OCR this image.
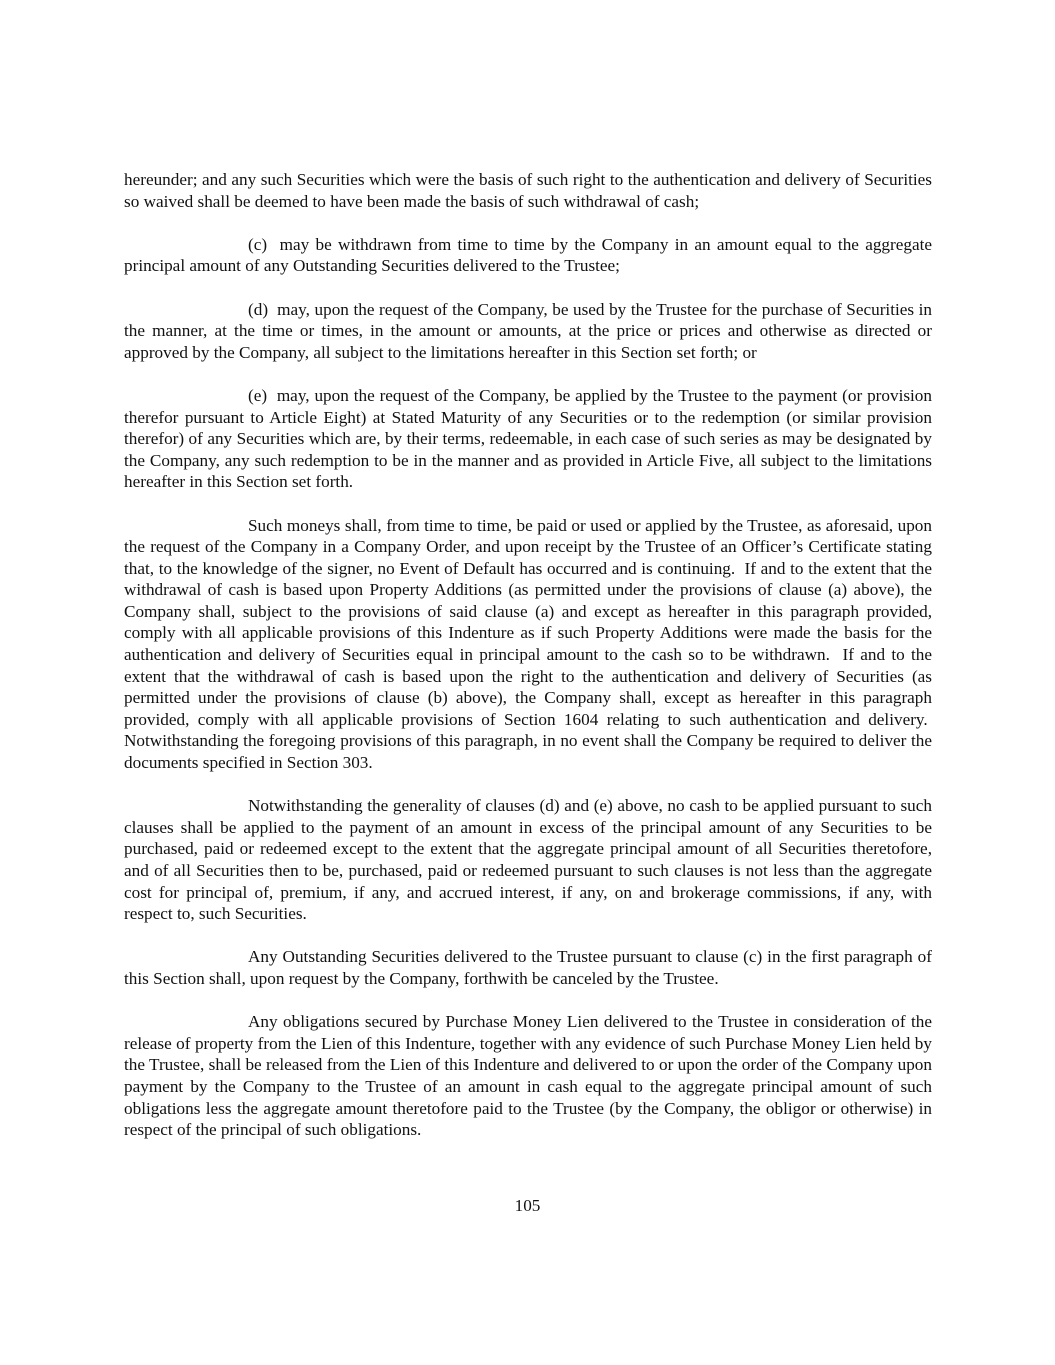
hereunder; and any such Securities which were the basis of such right to the authentication and delivery of Securities so waived shall be deemed to have been made the basis of such withdrawal of cash;

(c)  may be withdrawn from time to time by the Company in an amount equal to the aggregate principal amount of any Outstanding Securities delivered to the Trustee;

(d)  may, upon the request of the Company, be used by the Trustee for the purchase of Securities in the manner, at the time or times, in the amount or amounts, at the price or prices and otherwise as directed or approved by the Company, all subject to the limitations hereafter in this Section set forth; or

(e)  may, upon the request of the Company, be applied by the Trustee to the payment (or provision therefor pursuant to Article Eight) at Stated Maturity of any Securities or to the redemption (or similar provision therefor) of any Securities which are, by their terms, redeemable, in each case of such series as may be designated by the Company, any such redemption to be in the manner and as provided in Article Five, all subject to the limitations hereafter in this Section set forth.

Such moneys shall, from time to time, be paid or used or applied by the Trustee, as aforesaid, upon the request of the Company in a Company Order, and upon receipt by the Trustee of an Officer’s Certificate stating that, to the knowledge of the signer, no Event of Default has occurred and is continuing.  If and to the extent that the withdrawal of cash is based upon Property Additions (as permitted under the provisions of clause (a) above), the Company shall, subject to the provisions of said clause (a) and except as hereafter in this paragraph provided, comply with all applicable provisions of this Indenture as if such Property Additions were made the basis for the authentication and delivery of Securities equal in principal amount to the cash so to be withdrawn.  If and to the extent that the withdrawal of cash is based upon the right to the authentication and delivery of Securities (as permitted under the provisions of clause (b) above), the Company shall, except as hereafter in this paragraph provided, comply with all applicable provisions of Section 1604 relating to such authentication and delivery.  Notwithstanding the foregoing provisions of this paragraph, in no event shall the Company be required to deliver the documents specified in Section 303.

Notwithstanding the generality of clauses (d) and (e) above, no cash to be applied pursuant to such clauses shall be applied to the payment of an amount in excess of the principal amount of any Securities to be purchased, paid or redeemed except to the extent that the aggregate principal amount of all Securities theretofore, and of all Securities then to be, purchased, paid or redeemed pursuant to such clauses is not less than the aggregate cost for principal of, premium, if any, and accrued interest, if any, on and brokerage commissions, if any, with respect to, such Securities.

Any Outstanding Securities delivered to the Trustee pursuant to clause (c) in the first paragraph of this Section shall, upon request by the Company, forthwith be canceled by the Trustee.

Any obligations secured by Purchase Money Lien delivered to the Trustee in consideration of the release of property from the Lien of this Indenture, together with any evidence of such Purchase Money Lien held by the Trustee, shall be released from the Lien of this Indenture and delivered to or upon the order of the Company upon payment by the Company to the Trustee of an amount in cash equal to the aggregate principal amount of such obligations less the aggregate amount theretofore paid to the Trustee (by the Company, the obligor or otherwise) in respect of the principal of such obligations.

105
